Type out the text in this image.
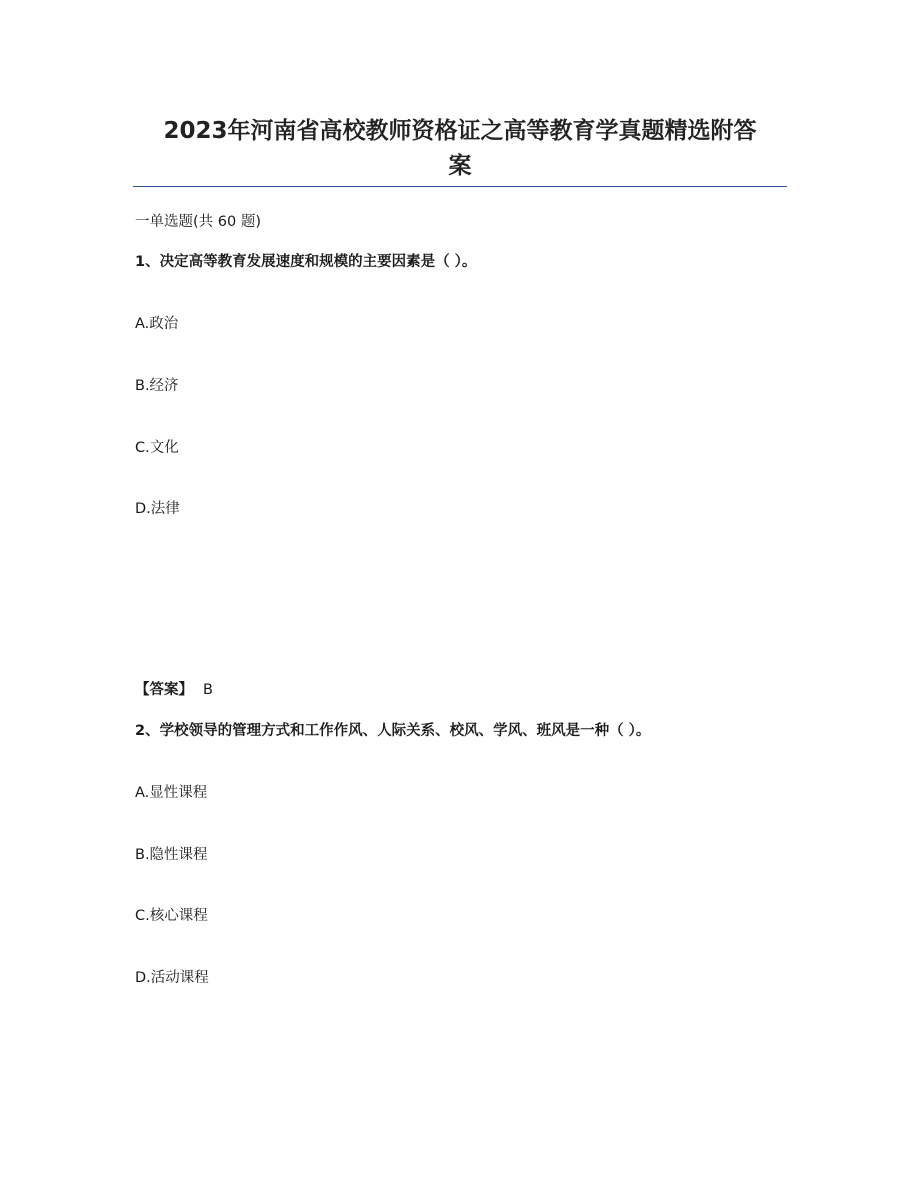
2023年河南省高校教师资格证之高等教育学真题精选附答
案
一单选题(共 60 题)
1、决定高等教育发展速度和规模的主要因素是（ ）。
A.政治
B.经济
C.文化
D.法律
【答案】 B
2、学校领导的管理方式和工作作风、人际关系、校风、学风、班风是一种（ ）。
A.显性课程
B.隐性课程
C.核心课程
D.活动课程
